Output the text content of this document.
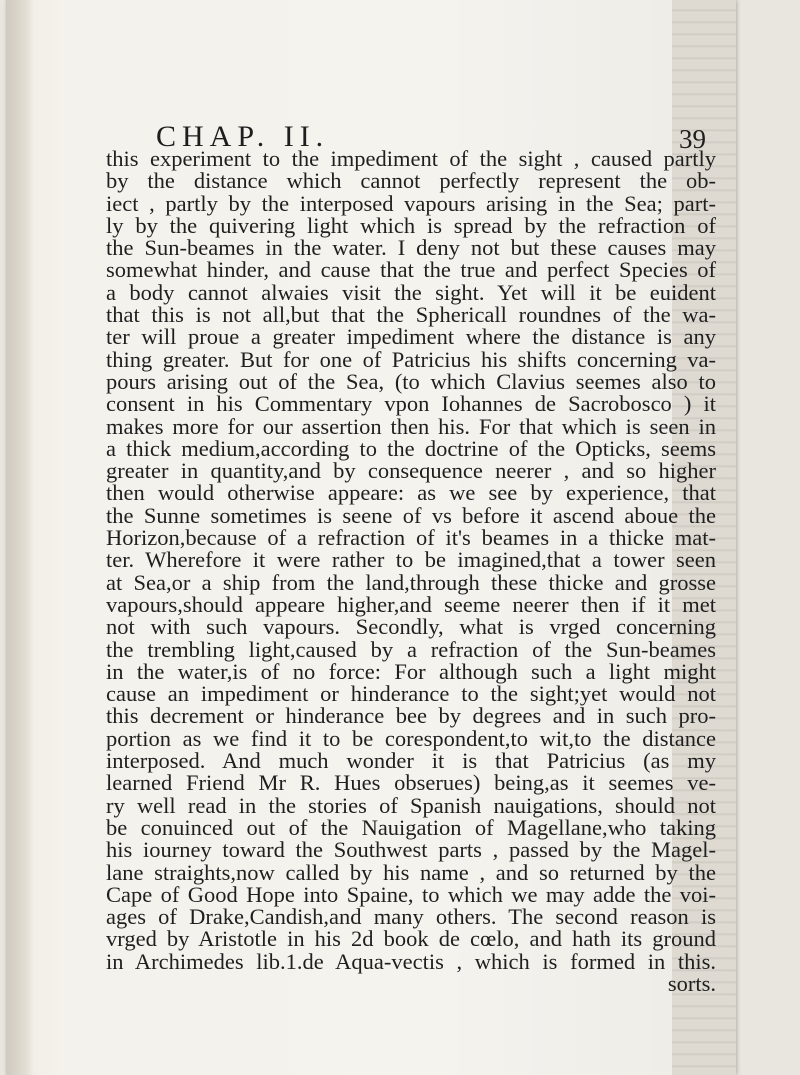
CHAP. II.	39
this experiment to the impediment of the sight , caused partly
by the distance which cannot perfectly represent the ob-
iect , partly by the interposed vapours arising in the Sea; part-
ly by the quivering light which is spread by the refraction of
the Sun-beames in the water. I deny not but these causes may
somewhat hinder, and cause that the true and perfect Species of
a body cannot alwaies visit the sight. Yet will it be euident
that this is not all,but that the Sphericall roundnes of the wa-
ter will proue a greater impediment where the distance is any
thing greater. But for one of Patricius his shifts concerning va-
pours arising out of the Sea, (to which Clavius seemes also to
consent in his Commentary vpon Iohannes de Sacrobosco ) it
makes more for our assertion then his. For that which is seen in
a thick medium,according to the doctrine of the Opticks, seems
greater in quantity,and by consequence neerer , and so higher
then would otherwise appeare: as we see by experience, that
the Sunne sometimes is seene of vs before it ascend aboue the
Horizon,because of a refraction of it's beames in a thicke mat-
ter. Wherefore it were rather to be imagined,that a tower seen
at Sea,or a ship from the land,through these thicke and grosse
vapours,should appeare higher,and seeme neerer then if it met
not with such vapours. Secondly, what is vrged concerning
the trembling light,caused by a refraction of the Sun-beames
in the water,is of no force: For although such a light might
cause an impediment or hinderance to the sight;yet would not
this decrement or hinderance bee by degrees and in such pro-
portion as we find it to be corespondent,to wit,to the distance
interposed. And much wonder it is that Patricius (as my
learned Friend Mr R. Hues obserues) being,as it seemes ve-
ry well read in the stories of Spanish nauigations, should not
be conuinced out of the Nauigation of Magellane,who taking
his iourney toward the Southwest parts , passed by the Magel-
lane straights,now called by his name , and so returned by the
Cape of Good Hope into Spaine, to which we may adde the voi-
ages of Drake,Candish,and many others. The second reason is
vrged by Aristotle in his 2d book de cœlo, and hath its ground
in Archimedes lib.1.de Aqua-vectis , which is formed in this.
sorts.
